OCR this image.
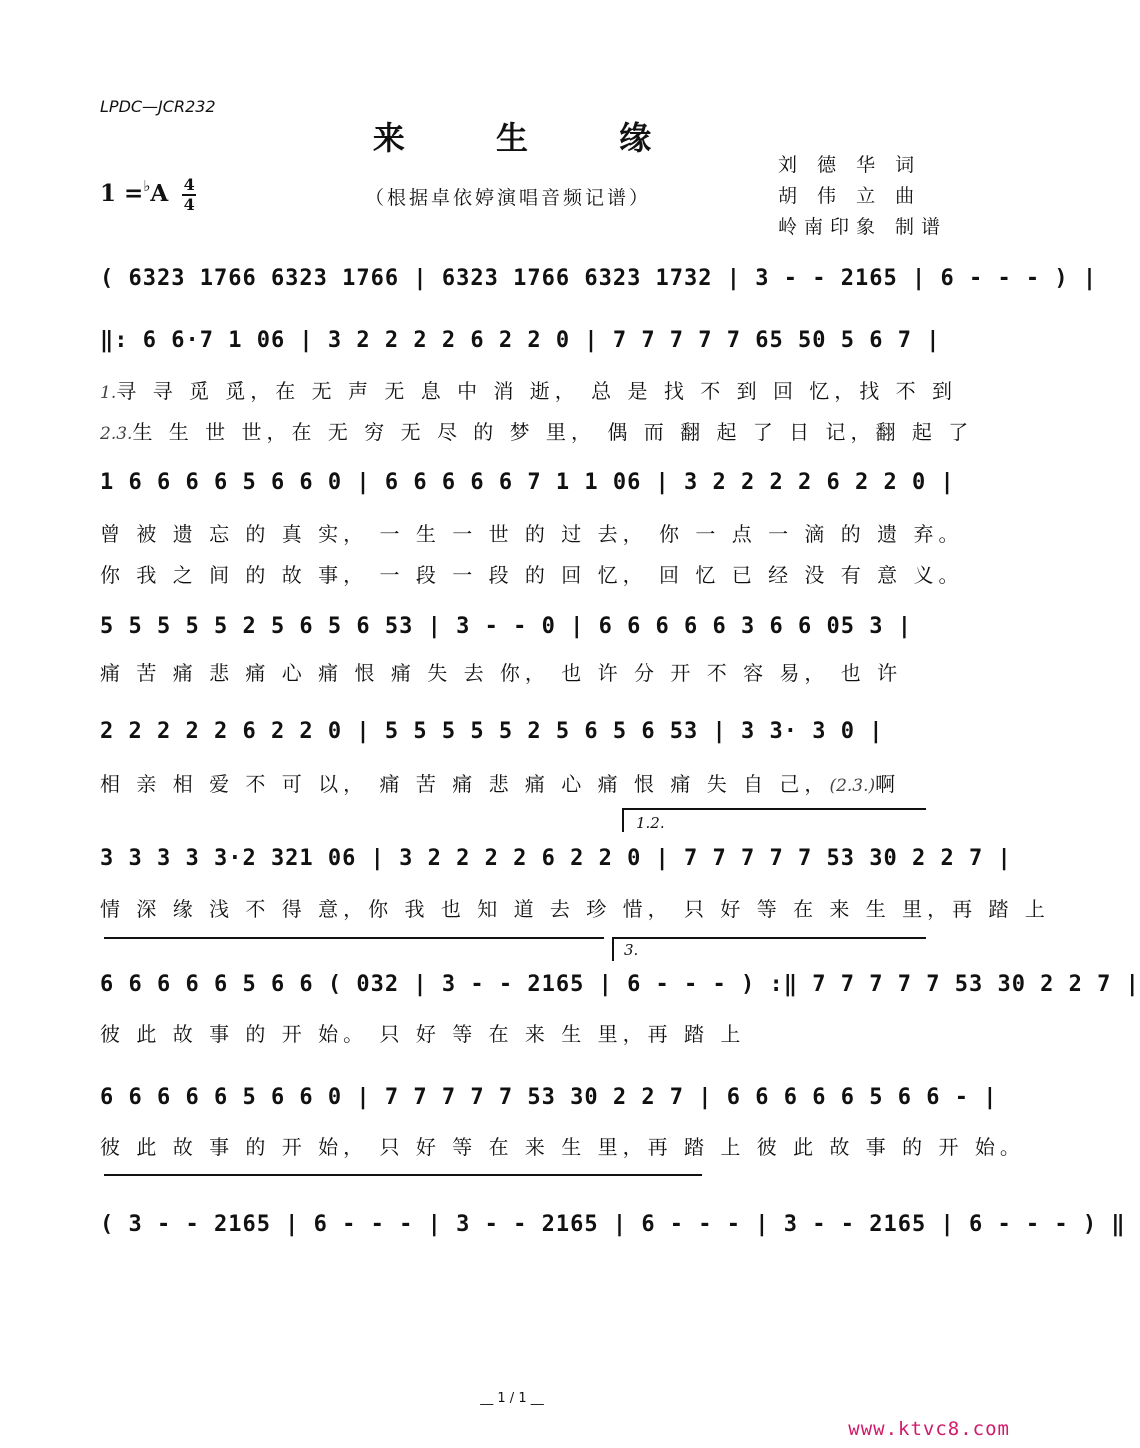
LPDC—JCR232
来 生 缘
刘 德 华 词
胡 伟 立 曲
岭南印象 制谱
$1 =^♭A \frac{4}{4}$	（根据卓依婷演唱音频记谱）
( 6323 1766 6323 1766 | 6323 1766 6323 1732 | 3 - - 2165 | 6 - - - ) |
‖: 6 6·7 1 06 | 3 2 2 2 2 6 2 2 0 | 7 7 7 7 7 65 50 5 6 7 |
1.寻 寻 觅 觅，在 无 声 无 息 中 消 逝， 总 是 找 不 到 回 忆，找 不 到
2.3.生 生 世 世，在 无 穷 无 尽 的 梦 里， 偶 而 翻 起 了 日 记，翻 起 了
1 6 6 6 6 5 6 6 0 | 6 6 6 6 6 7 1 1 06 | 3 2 2 2 2 6 2 2 0 |
曾 被 遗 忘 的 真 实， 一 生 一 世 的 过 去， 你 一 点 一 滴 的 遗 弃。
你 我 之 间 的 故 事， 一 段 一 段 的 回 忆， 回 忆 已 经 没 有 意 义。
5 5 5 5 5 2 5 6 5 6 53 | 3 - - 0 | 6 6 6 6 6 3 6 6 05 3 |
痛 苦 痛 悲 痛 心 痛 恨 痛 失 去 你， 也 许 分 开 不 容 易， 也 许
2 2 2 2 2 6 2 2 0 | 5 5 5 5 5 2 5 6 5 6 53 | 3 3· 3 0 |
相 亲 相 爱 不 可 以， 痛 苦 痛 悲 痛 心 痛 恨 痛 失 自 己，(2.3.)啊
1.2.
3 3 3 3 3·2 321 06 | 3 2 2 2 2 6 2 2 0 | 7 7 7 7 7 53 30 2 2 7 |
情 深 缘 浅 不 得 意，你 我 也 知 道 去 珍 惜， 只 好 等 在 来 生 里，再 踏 上
3.
6 6 6 6 6 5 6 6 ( 032 | 3 - - 2165 | 6 - - - ) :‖ 7 7 7 7 7 53 30 2 2 7 |
彼 此 故 事 的 开 始。 只 好 等 在 来 生 里，再 踏 上
6 6 6 6 6 5 6 6 0 | 7 7 7 7 7 53 30 2 2 7 | 6 6 6 6 6 5 6 6 - |
彼 此 故 事 的 开 始， 只 好 等 在 来 生 里，再 踏 上 彼 此 故 事 的 开 始。
( 3 - - 2165 | 6 - - - | 3 - - 2165 | 6 - - - | 3 - - 2165 | 6 - - - ) ‖
__ 1 / 1 __
www.ktvc8.com
